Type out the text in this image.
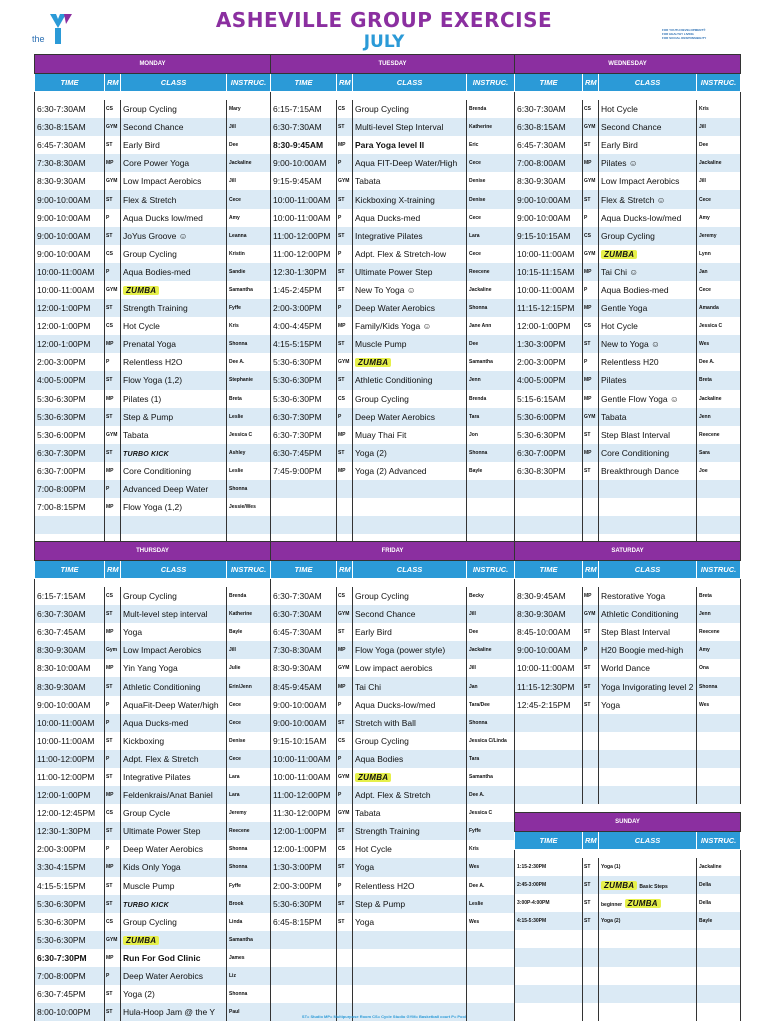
the
ASHEVILLE GROUP EXERCISE
JULY
FOR YOUTH DEVELOPMENT®
FOR HEALTHY LIVING
FOR SOCIAL RESPONSIBILITY
MONDAY			
TIME	RM	CLASS	INSTRUC.

6:30-7:30AM	CS	Group Cycling	Mary
6:30-8:15AM	GYM	Second Chance	Jill
6:45-7:30AM	ST	Early Bird	Dee
7:30-8:30AM	MP	Core Power Yoga	Jackaline
8:30-9:30AM	GYM	Low Impact Aerobics	Jill
9:00-10:00AM	ST	Flex & Stretch	Cece
9:00-10:00AM	P	Aqua Ducks low/med	Amy
9:00-10:00AM	ST	JoYus Groove ☺	Leanna
9:00-10:00AM	CS	Group Cycling	Kristin
10:00-11:00AM	P	Aqua Bodies-med	Sandie
10:00-11:00AM	GYM	ZUMBA	Samantha
12:00-1:00PM	ST	Strength Training	Fyffe
12:00-1:00PM	CS	Hot Cycle	Kris
12:00-1:00PM	MP	Prenatal Yoga	Shonna
2:00-3:00PM	P	Relentless H2O	Dee A.
4:00-5:00PM	ST	Flow Yoga (1,2)	Stephanie
5:30-6:30PM	MP	Pilates (1)	Breta
5:30-6:30PM	ST	Step & Pump	Leslie
5:30-6:00PM	GYM	Tabata	Jessica C
6:30-7:30PM	ST	TURBO KICK	Ashley
6:30-7:00PM	MP	Core Conditioning	Leslie
7:00-8:00PM	P	Advanced Deep Water	Shonna
7:00-8:15PM	MP	Flow Yoga (1,2)	Jessie/Wes

TUESDAY			
TIME	RM	CLASS	INSTRUC.

6:15-7:15AM	CS	Group Cycling	Brenda
6:30-7:30AM	ST	Multi-level Step Interval	Katherine
8:30-9:45AM	MP	Para Yoga level II	Eric
9:00-10:00AM	P	Aqua FIT-Deep Water/High	Cece
9:15-9:45AM	GYM	Tabata	Denise
10:00-11:00AM	ST	Kickboxing X-training	Denise
10:00-11:00AM	P	Aqua Ducks-med	Cece
11:00-12:00PM	ST	Integrative Pilates	Lara
11:00-12:00PM	P	Adpt. Flex & Stretch-low	Cece
12:30-1:30PM	ST	Ultimate Power Step	Reecene
1:45-2:45PM	ST	New To Yoga ☺	Jackaline
2:00-3:00PM	P	Deep Water Aerobics	Shonna
4:00-4:45PM	MP	Family/Kids Yoga ☺	Jane Ann
4:15-5:15PM	ST	Muscle Pump	Dee
5:30-6:30PM	GYM	ZUMBA	Samantha
5:30-6:30PM	ST	Athletic Conditioning	Jenn
5:30-6:30PM	CS	Group Cycling	Brenda
6:30-7:30PM	P	Deep Water Aerobics	Tara
6:30-7:30PM	MP	Muay Thai Fit	Jon
6:30-7:45PM	ST	Yoga (2)	Shonna
7:45-9:00PM	MP	Yoga (2) Advanced	Bayle

WEDNESDAY			
TIME	RM	CLASS	INSTRUC.

6:30-7:30AM	CS	Hot Cycle	Kris
6:30-8:15AM	GYM	Second Chance	Jill
6:45-7:30AM	ST	Early Bird	Dee
7:00-8:00AM	MP	Pilates ☺	Jackaline
8:30-9:30AM	GYM	Low Impact Aerobics	Jill
9:00-10:00AM	ST	Flex & Stretch ☺	Cece
9:00-10:00AM	P	Aqua Ducks-low/med	Amy
9:15-10:15AM	CS	Group Cycling	Jeremy
10:00-11:00AM	GYM	ZUMBA	Lynn
10:15-11:15AM	MP	Tai Chi ☺	Jan
10:00-11:00AM	P	Aqua Bodies-med	Cece
11:15-12:15PM	MP	Gentle Yoga	Amanda
12:00-1:00PM	CS	Hot Cycle	Jessica C
1:30-3:00PM	ST	New to Yoga ☺	Wes
2:00-3:00PM	P	Relentless H20	Dee A.
4:00-5:00PM	MP	Pilates	Breta
5:15-6:15AM	MP	Gentle Flow Yoga ☺	Jackaline
5:30-6:00PM	GYM	Tabata	Jenn
5:30-6:30PM	ST	Step Blast Interval	Reecene
6:30-7:00PM	MP	Core Conditioning	Sara
6:30-8:30PM	ST	Breakthrough Dance	Joe

THURSDAY			
TIME	RM	CLASS	INSTRUC.

6:15-7:15AM	CS	Group Cycling	Brenda
6:30-7:30AM	ST	Mult-level step interval	Katherine
6:30-7:45AM	MP	Yoga	Bayle
8:30-9:30AM	Gym	Low Impact Aerobics	Jill
8:30-10:00AM	MP	Yin Yang Yoga	Julie
8:30-9:30AM	ST	Athletic Conditioning	Erin/Jenn
9:00-10:00AM	P	AquaFit-Deep Water/high	Cece
10:00-11:00AM	P	Aqua Ducks-med	Cece
10:00-11:00AM	ST	Kickboxing	Denise
11:00-12:00PM	P	Adpt. Flex & Stretch	Cece
11:00-12:00PM	ST	Integrative Pilates	Lara
12:00-1:00PM	MP	Feldenkrais/Anat Baniel	Lara
12:00-12:45PM	CS	Group Cycle	Jeremy
12:30-1:30PM	ST	Ultimate Power Step	Reecene
2:00-3:00PM	P	Deep Water Aerobics	Shonna
3:30-4:15PM	MP	Kids Only Yoga	Shonna
4:15-5:15PM	ST	Muscle Pump	Fyffe
5:30-6:30PM	ST	TURBO KICK	Brook
5:30-6:30PM	CS	Group Cycling	Linda
5:30-6:30PM	GYM	ZUMBA	Samantha
6:30-7:30PM	MP	Run For God Clinic	James
7:00-8:00PM	P	Deep Water Aerobics	Liz
6:30-7:45PM	ST	Yoga (2)	Shonna
8:00-10:00PM	ST	Hula-Hoop Jam @ the Y	Paul
FRIDAY			
TIME	RM	CLASS	INSTRUC.

6:30-7:30AM	CS	Group Cycling	Becky
6:30-7:30AM	GYM	Second Chance	Jill
6:45-7:30AM	ST	Early Bird	Dee
7:30-8:30AM	MP	Flow Yoga (power style)	Jackaline
8:30-9:30AM	GYM	Low impact aerobics	Jill
8:45-9:45AM	MP	Tai Chi	Jan
9:00-10:00AM	P	Aqua Ducks-low/med	Tara/Dee
9:00-10:00AM	ST	Stretch with Ball	Shonna
9:15-10:15AM	CS	Group Cycling	Jessica C/Linda
10:00-11:00AM	P	Aqua Bodies	Tara
10:00-11:00AM	GYM	ZUMBA	Samantha
11:00-12:00PM	P	Adpt. Flex & Stretch	Dee A.
11:30-12:00PM	GYM	Tabata	Jessica C
12:00-1:00PM	ST	Strength Training	Fyffe
12:00-1:00PM	CS	Hot Cycle	Kris
1:30-3:00PM	ST	Yoga	Wes
2:00-3:00PM	P	Relentless H2O	Dee A.
5:30-6:30PM	ST	Step & Pump	Leslie
6:45-8:15PM	ST	Yoga	Wes

SATURDAY			
TIME	RM	CLASS	INSTRUC.

8:30-9:45AM	MP	Restorative Yoga	Breta
8:30-9:30AM	GYM	Athletic Conditioning	Jenn
8:45-10:00AM	ST	Step Blast Interval	Reecene
9:00-10:00AM	P	H20 Boogie med-high	Amy
10:00-11:00AM	ST	World Dance	Ona
11:15-12:30PM	ST	Yoga Invigorating level 2	Shonna
12:45-2:15PM	ST	Yoga	Wes

SUNDAY			
TIME	RM	CLASS	INSTRUC.

1:15-2:30PM	ST	Yoga (1)	Jackaline
2:45-3:00PM	ST	ZUMBA Basic Steps	Della
3:00P-4:00PM	ST	beginner ZUMBA	Della
4:15-5:30PM	ST	Yoga (2)	Bayle

ST= Studio MP= Multipurpose Room CS= Cycle Studio GYM= Basketball court P= Pool
